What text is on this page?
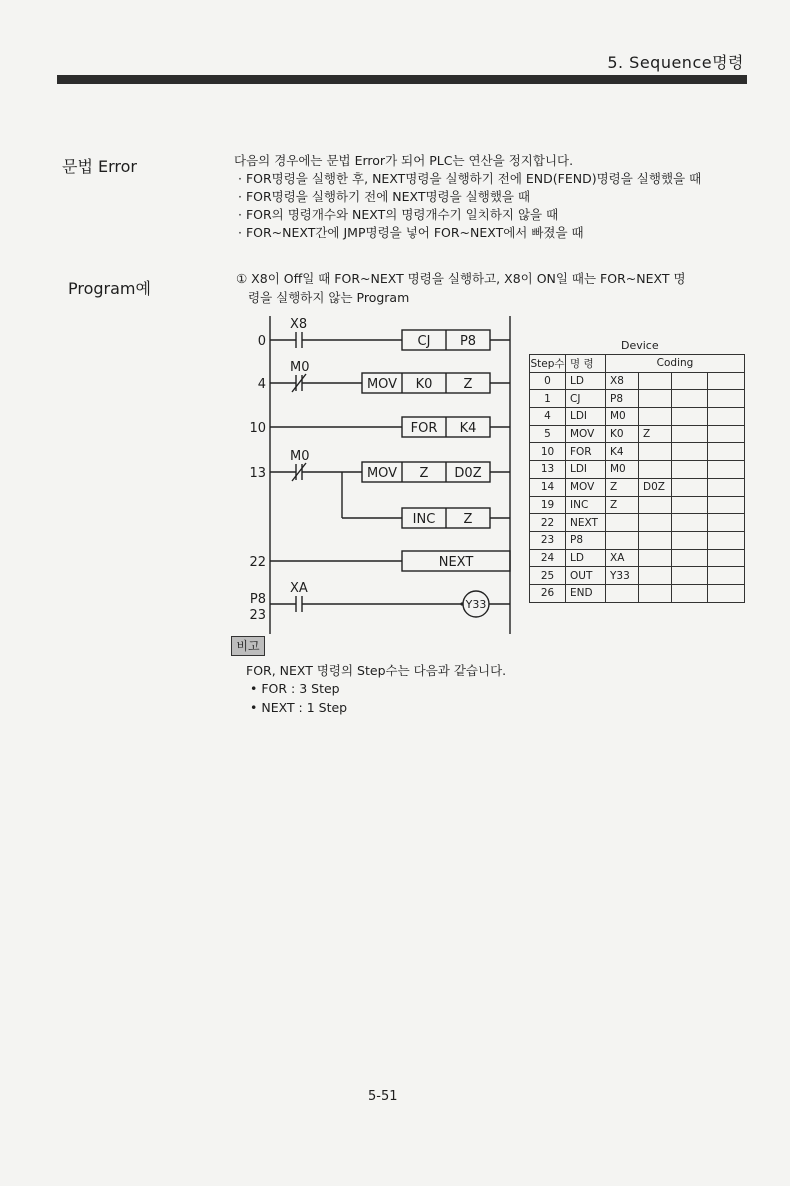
5. Sequence명령
문법 Error	다음의 경우에는 문법 Error가 되어 PLC는 연산을 정지합니다.
· FOR명령을 실행한 후, NEXT명령을 실행하기 전에 END(FEND)명령을 실행했을 때
· FOR명령을 실행하기 전에 NEXT명령을 실행했을 때
· FOR의 명령개수와 NEXT의 명령개수기 일치하지 않을 때
· FOR~NEXT간에 JMP명령을 넣어 FOR~NEXT에서 빠졌을 때
Program예
① X8이 Off일 때 FOR~NEXT 명령을 실행하고, X8이 ON일 때는 FOR~NEXT 명
령을 실행하지 않는 Program
0
4
10
13
22
23
P8
X8
M0
M0
XA
CJ P8
MOV K0 Z
FOR K4
MOV Z D0Z
INC Z
NEXT
Y33
Device
Step수	명 령	Coding			
0	LD	X8			
1	CJ	P8			
4	LDI	M0			
5	MOV	K0	Z		
10	FOR	K4			
13	LDI	M0			
14	MOV	Z	D0Z		
19	INC	Z			
22	NEXT				
23	P8				
24	LD	XA			
25	OUT	Y33			
26	END				
비고
FOR, NEXT 명령의 Step수는 다음과 같습니다.
• FOR : 3 Step
• NEXT : 1 Step
5-51
